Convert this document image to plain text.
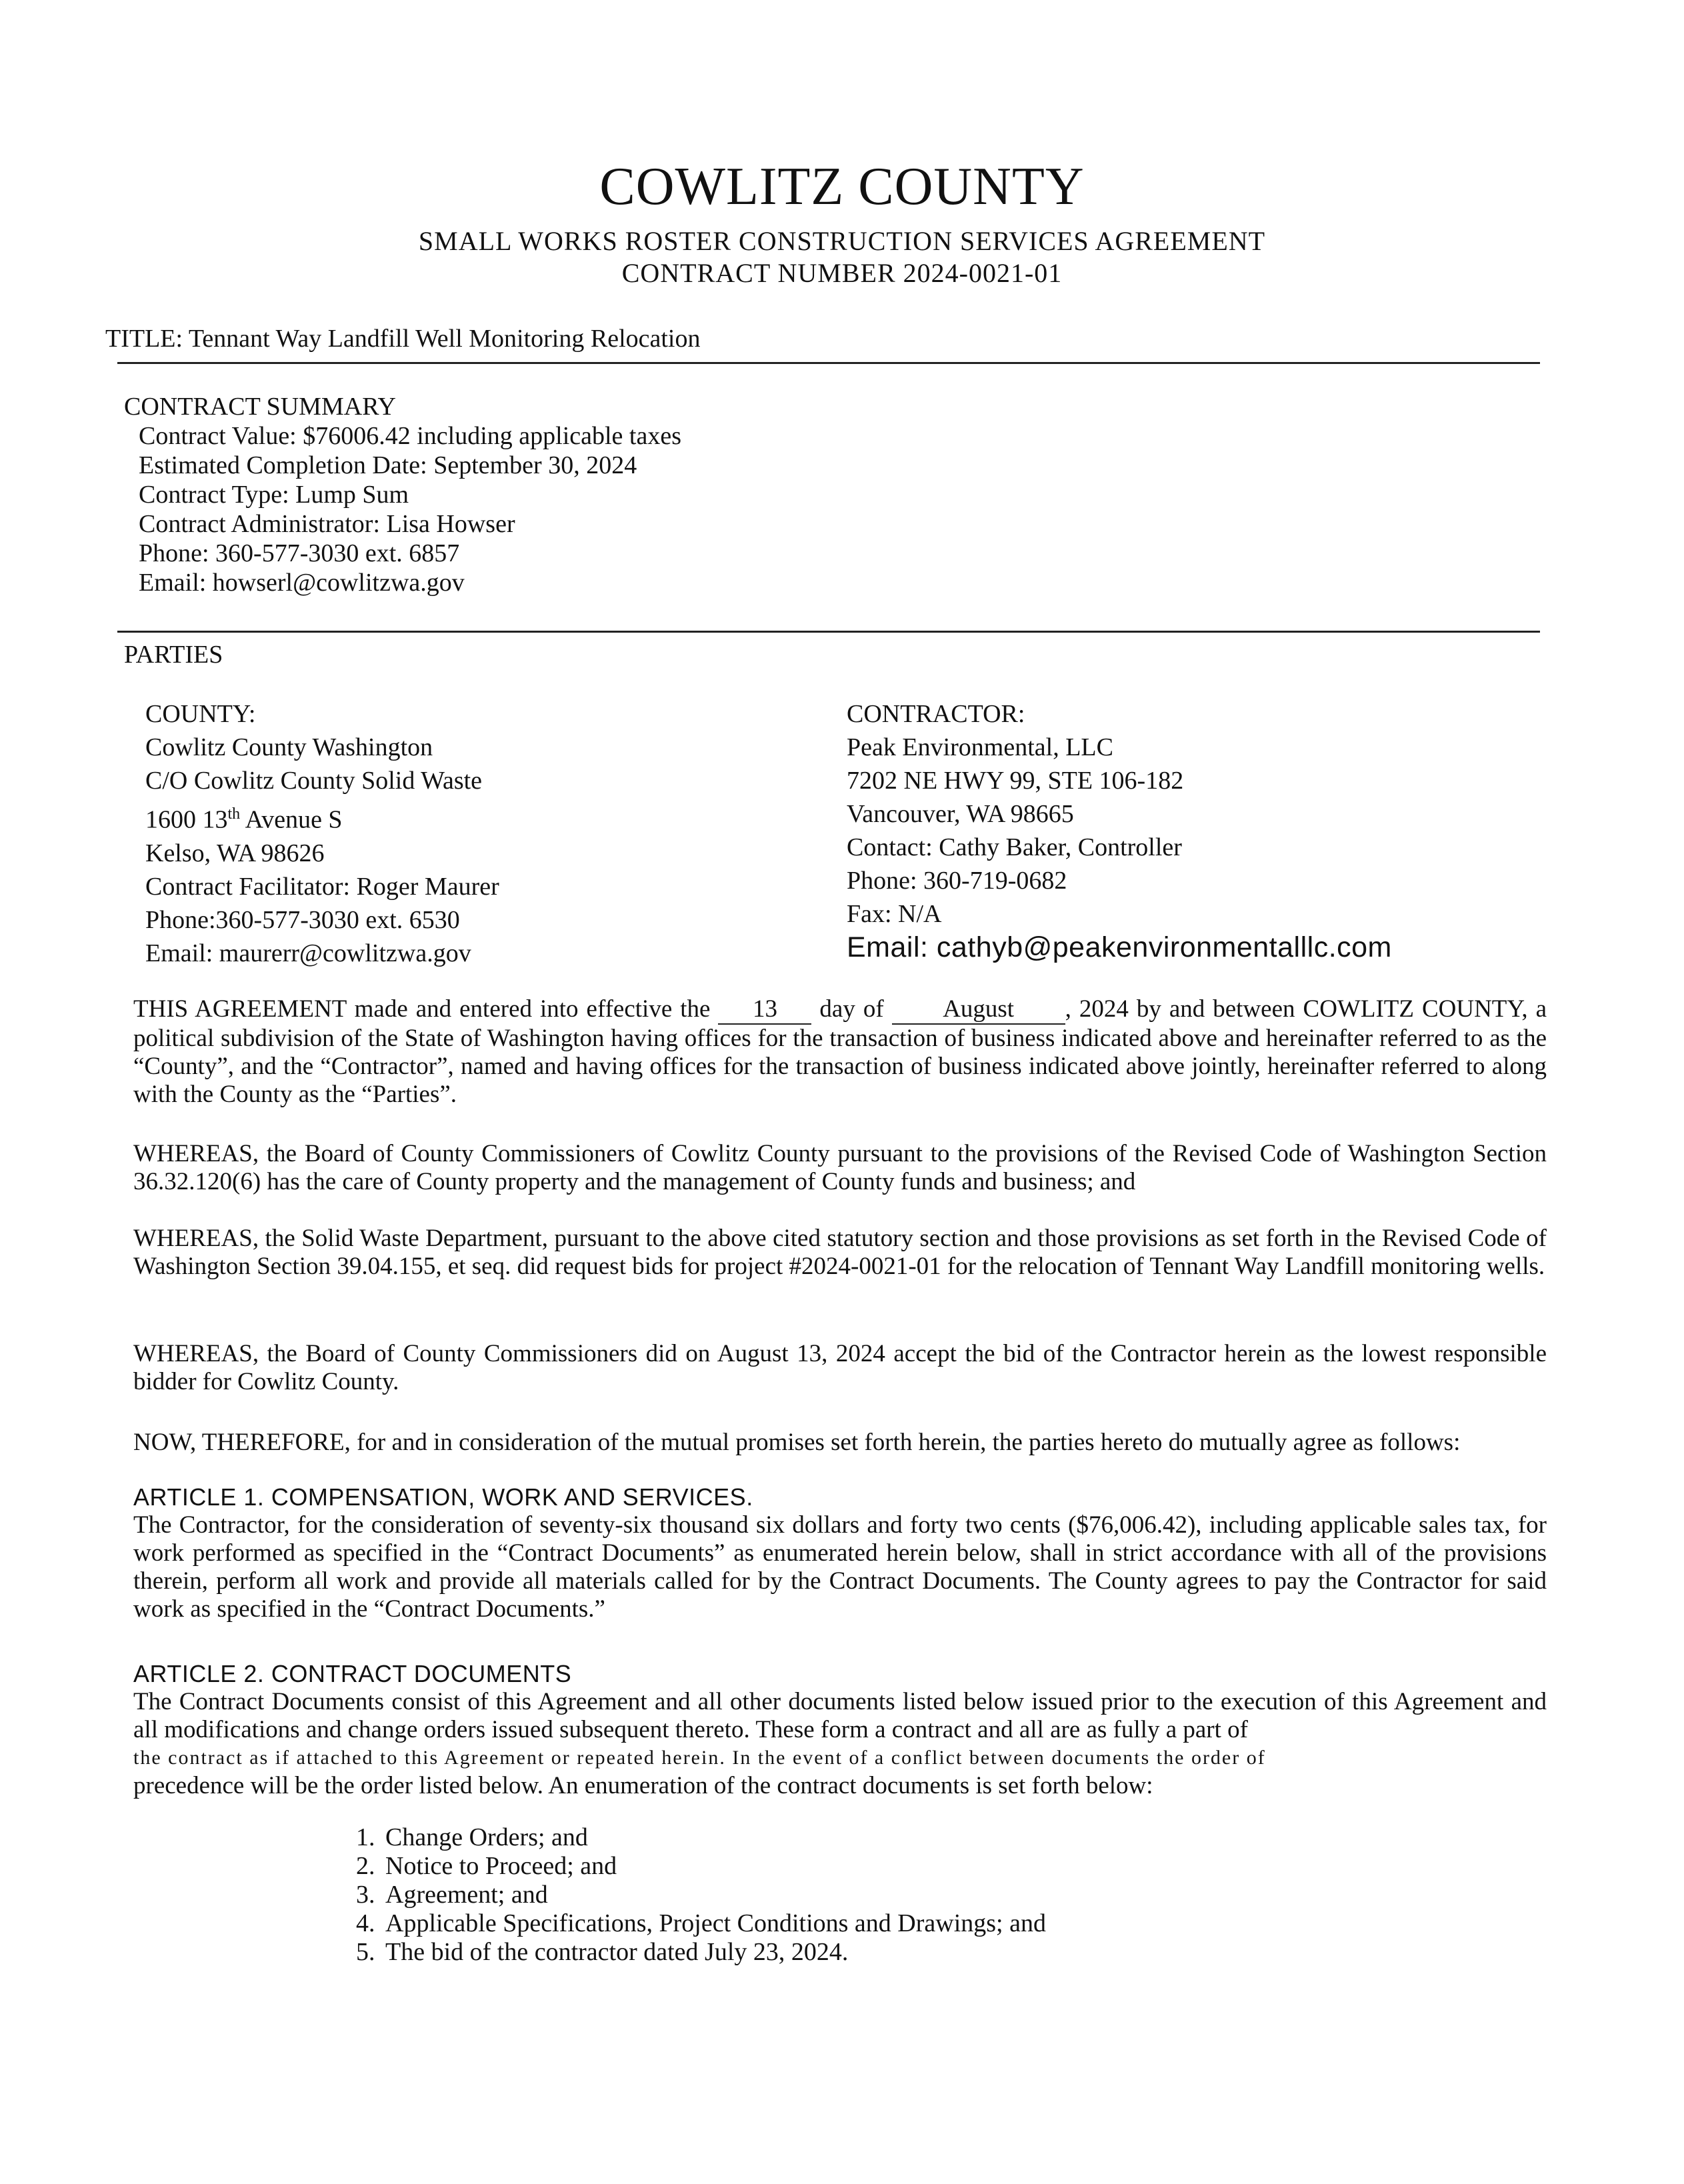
COWLITZ COUNTY
SMALL WORKS ROSTER CONSTRUCTION SERVICES AGREEMENT
CONTRACT NUMBER 2024-0021-01
TITLE: Tennant Way Landfill Well Monitoring Relocation
CONTRACT SUMMARY
Contract Value: $76006.42 including applicable taxes
Estimated Completion Date: September 30, 2024
Contract Type: Lump Sum
Contract Administrator: Lisa Howser
Phone: 360-577-3030 ext. 6857
Email: howserl@cowlitzwa.gov
PARTIES
COUNTY:
Cowlitz County Washington
C/O Cowlitz County Solid Waste
1600 13th Avenue S
Kelso, WA 98626
Contract Facilitator: Roger Maurer
Phone:360-577-3030 ext. 6530
Email: maurerr@cowlitzwa.gov
CONTRACTOR:
Peak Environmental, LLC
7202 NE HWY 99, STE 106-182
Vancouver, WA 98665
Contact: Cathy Baker, Controller
Phone: 360-719-0682
Fax: N/A
Email: cathyb@peakenvironmentalllc.com
THIS AGREEMENT made and entered into effective the 13 day of August , 2024 by and between COWLITZ COUNTY, a political subdivision of the State of Washington having offices for the transaction of business indicated above and hereinafter referred to as the “County”, and the “Contractor”, named and having offices for the transaction of business indicated above jointly, hereinafter referred to along with the County as the “Parties”.
WHEREAS, the Board of County Commissioners of Cowlitz County pursuant to the provisions of the Revised Code of Washington Section 36.32.120(6) has the care of County property and the management of County funds and business; and
WHEREAS, the Solid Waste Department, pursuant to the above cited statutory section and those provisions as set forth in the Revised Code of Washington Section 39.04.155, et seq. did request bids for project #2024-0021-01 for the relocation of Tennant Way Landfill monitoring wells.
WHEREAS, the Board of County Commissioners did on August 13, 2024 accept the bid of the Contractor herein as the lowest responsible bidder for Cowlitz County.
NOW, THEREFORE, for and in consideration of the mutual promises set forth herein, the parties hereto do mutually agree as follows:
ARTICLE 1. COMPENSATION, WORK AND SERVICES.
The Contractor, for the consideration of seventy-six thousand six dollars and forty two cents ($76,006.42), including applicable sales tax, for work performed as specified in the “Contract Documents” as enumerated herein below, shall in strict accordance with all of the provisions therein, perform all work and provide all materials called for by the Contract Documents. The County agrees to pay the Contractor for said work as specified in the “Contract Documents.”
ARTICLE 2. CONTRACT DOCUMENTS
The Contract Documents consist of this Agreement and all other documents listed below issued prior to the execution of this Agreement and all modifications and change orders issued subsequent thereto. These form a contract and all are as fully a part of
the contract as if attached to this Agreement or repeated herein. In the event of a conflict between documents the order of
precedence will be the order listed below. An enumeration of the contract documents is set forth below:
1. Change Orders; and
2. Notice to Proceed; and
3. Agreement; and
4. Applicable Specifications, Project Conditions and Drawings; and
5. The bid of the contractor dated July 23, 2024.
